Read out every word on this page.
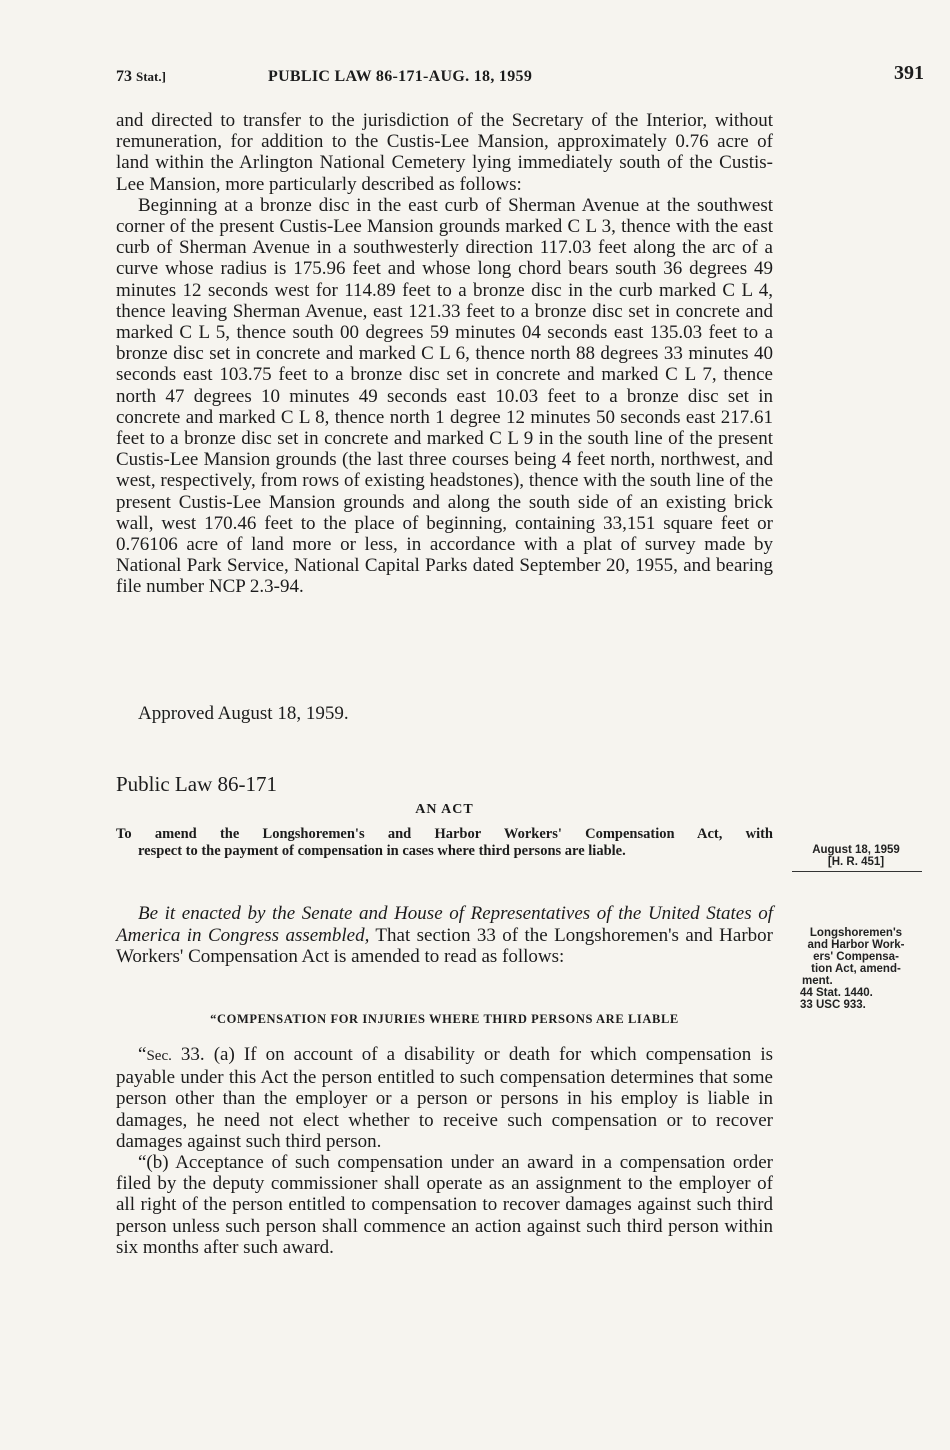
73 Stat.]	PUBLIC LAW 86-171-AUG. 18, 1959	391

and directed to transfer to the jurisdiction of the Secretary of the Interior, without remuneration, for addition to the Custis-Lee Mansion, approximately 0.76 acre of land within the Arlington National Cemetery lying immediately south of the Custis-Lee Mansion, more particularly described as follows:

Beginning at a bronze disc in the east curb of Sherman Avenue at the southwest corner of the present Custis-Lee Mansion grounds marked C L 3, thence with the east curb of Sherman Avenue in a southwesterly direction 117.03 feet along the arc of a curve whose radius is 175.96 feet and whose long chord bears south 36 degrees 49 minutes 12 seconds west for 114.89 feet to a bronze disc in the curb marked C L 4, thence leaving Sherman Avenue, east 121.33 feet to a bronze disc set in concrete and marked C L 5, thence south 00 degrees 59 minutes 04 seconds east 135.03 feet to a bronze disc set in concrete and marked C L 6, thence north 88 degrees 33 minutes 40 seconds east 103.75 feet to a bronze disc set in concrete and marked C L 7, thence north 47 degrees 10 minutes 49 seconds east 10.03 feet to a bronze disc set in concrete and marked C L 8, thence north 1 degree 12 minutes 50 seconds east 217.61 feet to a bronze disc set in concrete and marked C L 9 in the south line of the present Custis-Lee Mansion grounds (the last three courses being 4 feet north, northwest, and west, respectively, from rows of existing headstones), thence with the south line of the present Custis-Lee Mansion grounds and along the south side of an existing brick wall, west 170.46 feet to the place of beginning, containing 33,151 square feet or 0.76106 acre of land more or less, in accordance with a plat of survey made by National Park Service, National Capital Parks dated September 20, 1955, and bearing file number NCP 2.3-94.

Approved August 18, 1959.
Public Law 86-171
AN ACT
To amend the Longshoremen's and Harbor Workers' Compensation Act, with
respect to the payment of compensation in cases where third persons are liable.
Be it enacted by the Senate and House of Representatives of the United States of America in Congress assembled, That section 33 of the Longshoremen's and Harbor Workers' Compensation Act is amended to read as follows:
“COMPENSATION FOR INJURIES WHERE THIRD PERSONS ARE LIABLE

“Sec. 33. (a) If on account of a disability or death for which compensation is payable under this Act the person entitled to such compensation determines that some person other than the employer or a person or persons in his employ is liable in damages, he need not elect whether to receive such compensation or to recover damages against such third person.

“(b) Acceptance of such compensation under an award in a compensation order filed by the deputy commissioner shall operate as an assignment to the employer of all right of the person entitled to compensation to recover damages against such third person unless such person shall commence an action against such third person within six months after such award.

August 18, 1959
[H. R. 451]
Longshoremen's
and Harbor Work-
ers' Compensa-
tion Act, amend-
ment.
44 Stat. 1440.
33 USC 933.
